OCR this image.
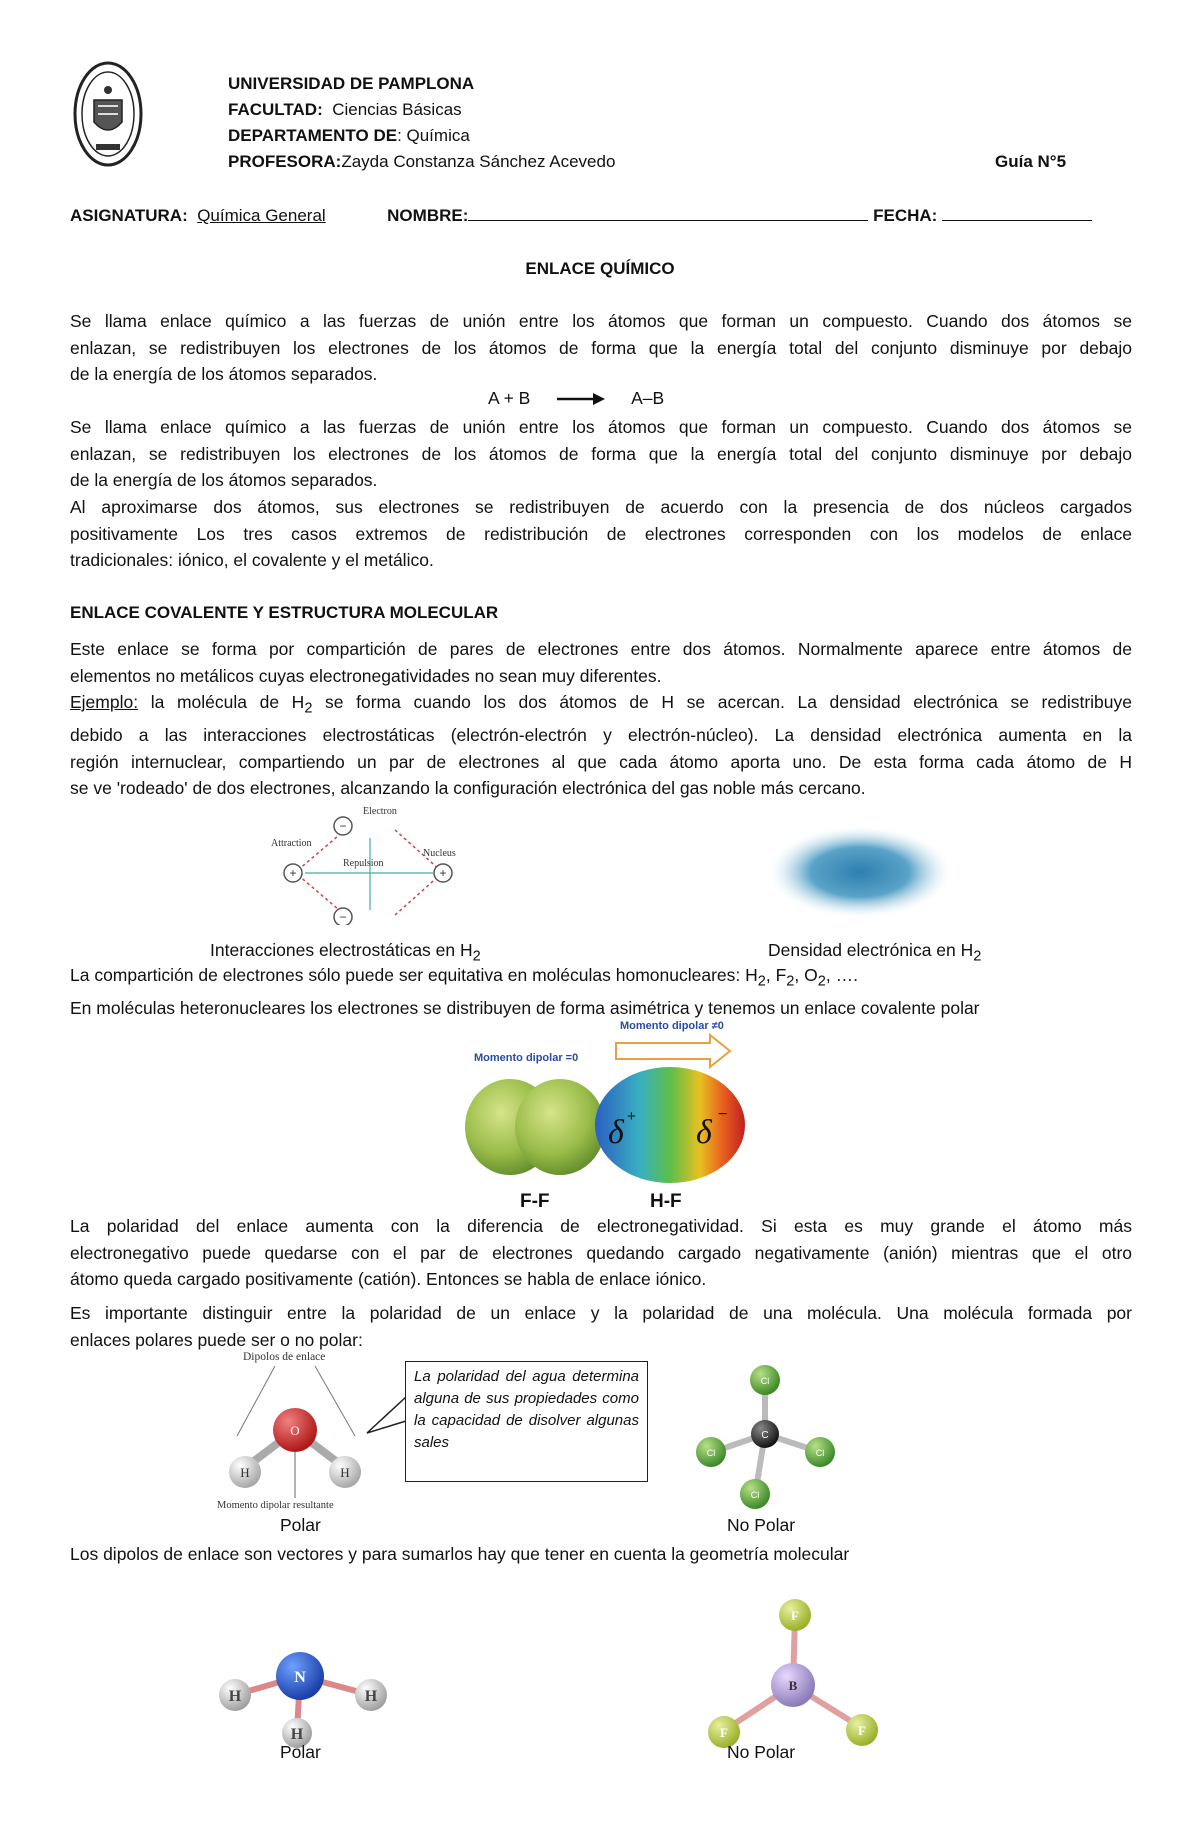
UNIVERSIDAD DE PAMPLONA
FACULTAD: Ciencias Básicas
DEPARTAMENTO DE: Química
PROFESORA:Zayda Constanza Sánchez Acevedo	Guía N°5
ASIGNATURA: Química General	NOMBRE:	FECHA:
ENLACE QUÍMICO
Se llama enlace químico a las fuerzas de unión entre los átomos que forman un compuesto. Cuando dos átomos se
enlazan, se redistribuyen los electrones de los átomos de forma que la energía total del conjunto disminuye por debajo
de la energía de los átomos separados.
A + B → A–B
Se llama enlace químico a las fuerzas de unión entre los átomos que forman un compuesto. Cuando dos átomos se
enlazan, se redistribuyen los electrones de los átomos de forma que la energía total del conjunto disminuye por debajo
de la energía de los átomos separados.
Al aproximarse dos átomos, sus electrones se redistribuyen de acuerdo con la presencia de dos núcleos cargados
positivamente Los tres casos extremos de redistribución de electrones corresponden con los modelos de enlace
tradicionales: iónico, el covalente y el metálico.
ENLACE COVALENTE Y ESTRUCTURA MOLECULAR
Este enlace se forma por compartición de pares de electrones entre dos átomos. Normalmente aparece entre átomos de
elementos no metálicos cuyas electronegatividades no sean muy diferentes.
Ejemplo: la molécula de $H_2$ se forma cuando los dos átomos de H se acercan. La densidad electrónica se redistribuye
debido a las interacciones electrostáticas (electrón-electrón y electrón-núcleo). La densidad electrónica aumenta en la
región internuclear, compartiendo un par de electrones al que cada átomo aporta uno. De esta forma cada átomo de H
se ve 'rodeado' de dos electrones, alcanzando la configuración electrónica del gas noble más cercano.
−
−
+	+
Electron
Attraction
Repulsion
Nucleus
Interacciones electrostáticas en $H_2$	Densidad electrónica en $H_2$
La compartición de electrones sólo puede ser equitativa en moléculas homonucleares: $H_2$, $F_2$, $O_2$, ….
En moléculas heteronucleares los electrones se distribuyen de forma asimétrica y tenemos un enlace covalente polar
Momento dipolar =0
Momento dipolar ≠0
δ + δ −
F-F	H-F
La polaridad del enlace aumenta con la diferencia de electronegatividad. Si esta es muy grande el átomo más
electronegativo puede quedarse con el par de electrones quedando cargado negativamente (anión) mientras que el otro
átomo queda cargado positivamente (catión). Entonces se habla de enlace iónico.
Es importante distinguir entre la polaridad de un enlace y la polaridad de una molécula. Una molécula formada por
enlaces polares puede ser o no polar:
Dipolos de enlace
O
H	H
Momento dipolar resultante
La polaridad del agua determina alguna de sus propiedades como la capacidad de disolver algunas sales
Cl
Cl	Cl
Cl
C
Polar	No Polar
Los dipolos de enlace son vectores y para sumarlos hay que tener en cuenta la geometría molecular
H	H
H
N
F
F	F
B
Polar	No Polar
